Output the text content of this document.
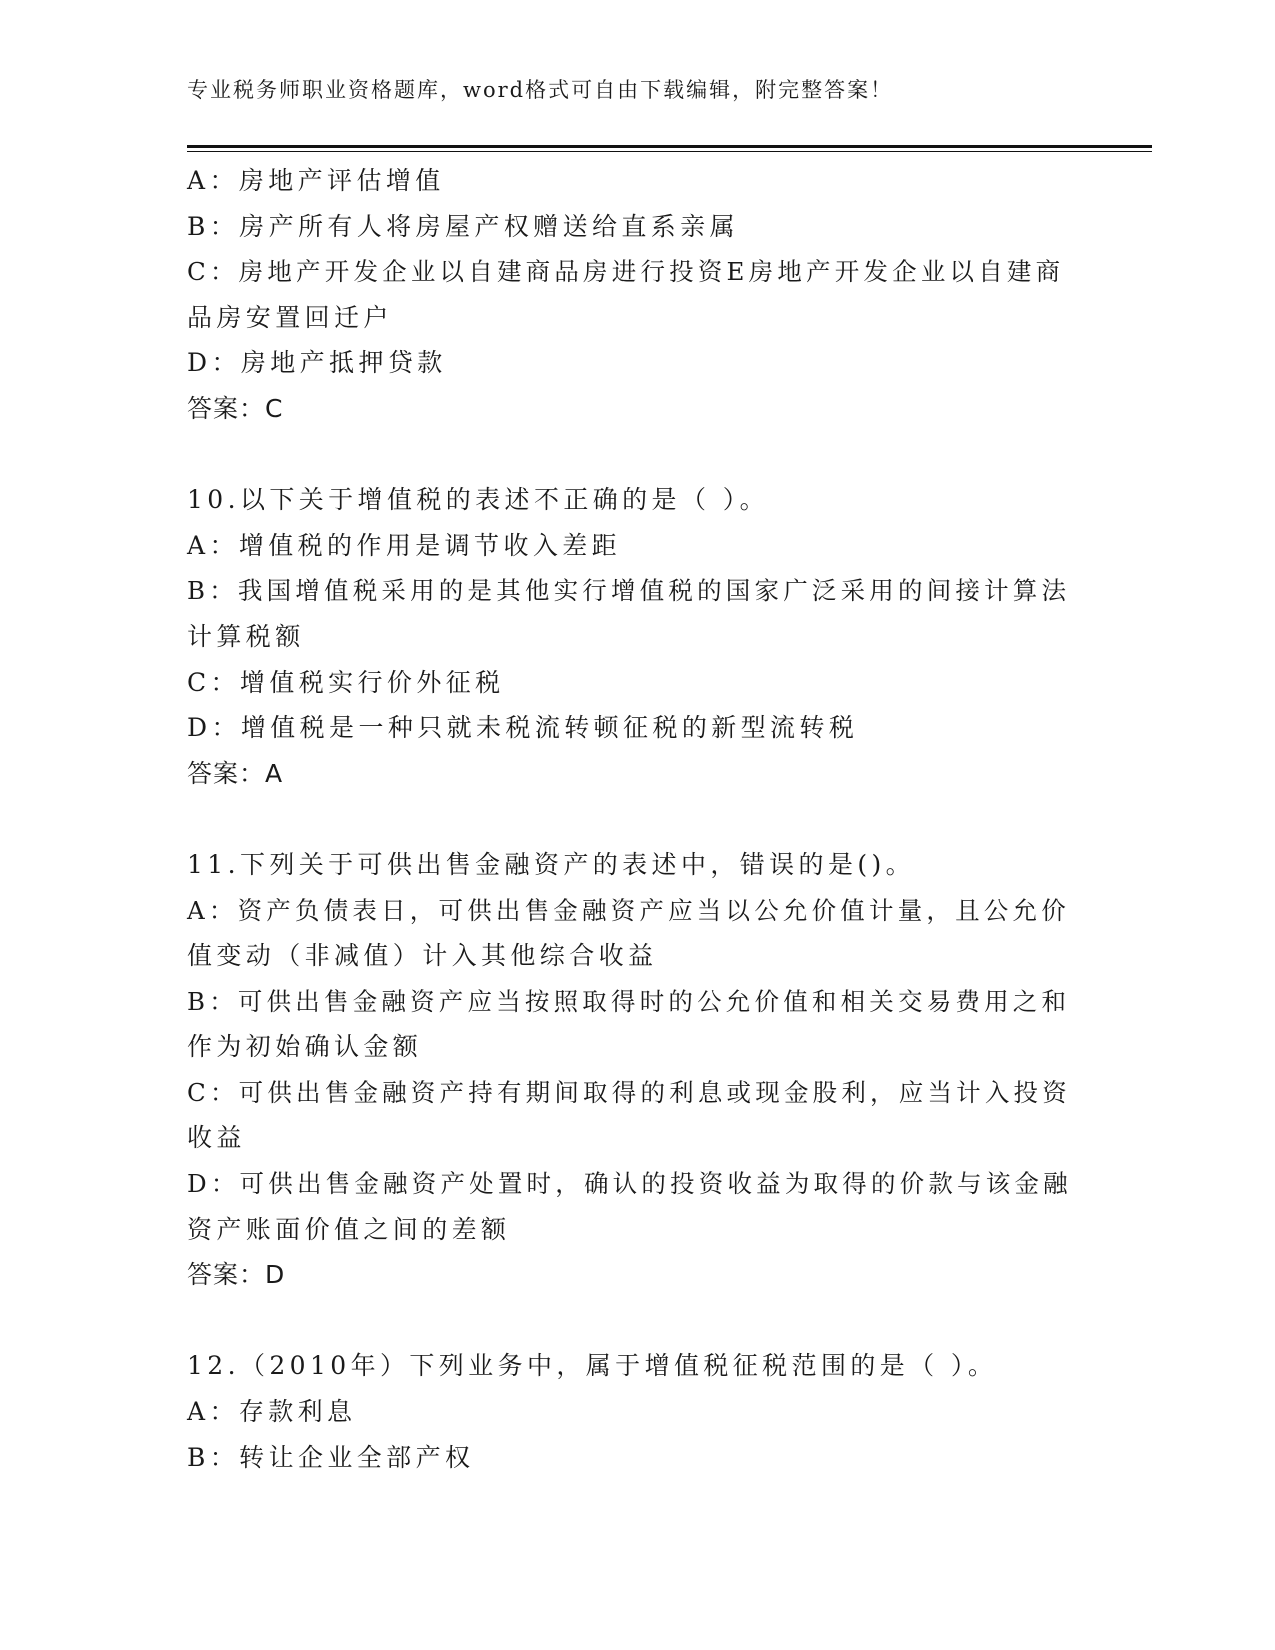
专业税务师职业资格题库，word格式可自由下载编辑，附完整答案！
A：房地产评估增值
B：房产所有人将房屋产权赠送给直系亲属
C：房地产开发企业以自建商品房进行投资E房地产开发企业以自建商
品房安置回迁户
D：房地产抵押贷款
答案：C
10.以下关于增值税的表述不正确的是（ ）。
A：增值税的作用是调节收入差距
B：我国增值税采用的是其他实行增值税的国家广泛采用的间接计算法
计算税额
C：增值税实行价外征税
D：增值税是一种只就未税流转顿征税的新型流转税
答案：A
11.下列关于可供出售金融资产的表述中，错误的是()。
A：资产负债表日，可供出售金融资产应当以公允价值计量，且公允价
值变动（非减值）计入其他综合收益
B：可供出售金融资产应当按照取得时的公允价值和相关交易费用之和
作为初始确认金额
C：可供出售金融资产持有期间取得的利息或现金股利，应当计入投资
收益
D：可供出售金融资产处置时，确认的投资收益为取得的价款与该金融
资产账面价值之间的差额
答案：D
12.（2010年）下列业务中，属于增值税征税范围的是（ ）。
A：存款利息
B：转让企业全部产权
